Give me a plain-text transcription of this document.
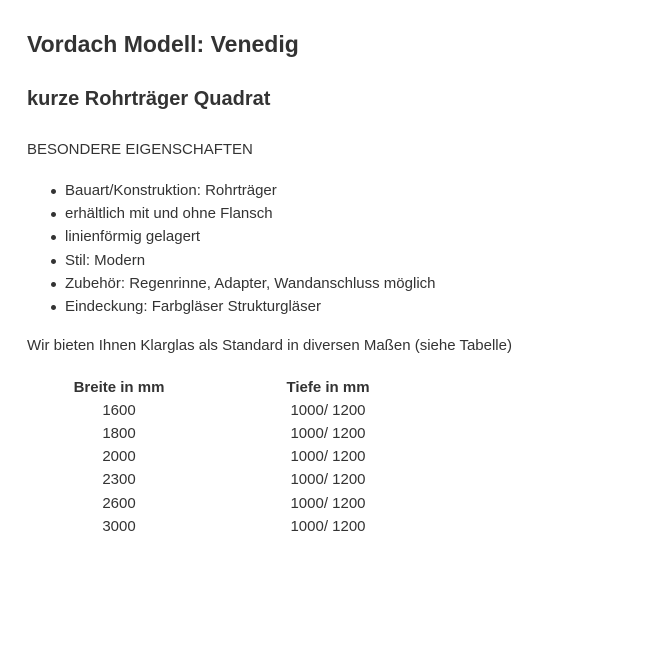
Vordach Modell: Venedig
kurze Rohrträger Quadrat

BESONDERE EIGENSCHAFTEN

Bauart/Konstruktion: Rohrträger
erhältlich mit und ohne Flansch
linienförmig gelagert
Stil: Modern
Zubehör: Regenrinne, Adapter, Wandanschluss möglich
Eindeckung: Farbgläser Strukturgläser

Wir bieten Ihnen Klarglas als Standard in diversen Maßen (siehe Tabelle)

Breite in mm		Tiefe in mm
1600		1000/ 1200
1800		1000/ 1200
2000		1000/ 1200
2300		1000/ 1200
2600		1000/ 1200
3000		1000/ 1200
